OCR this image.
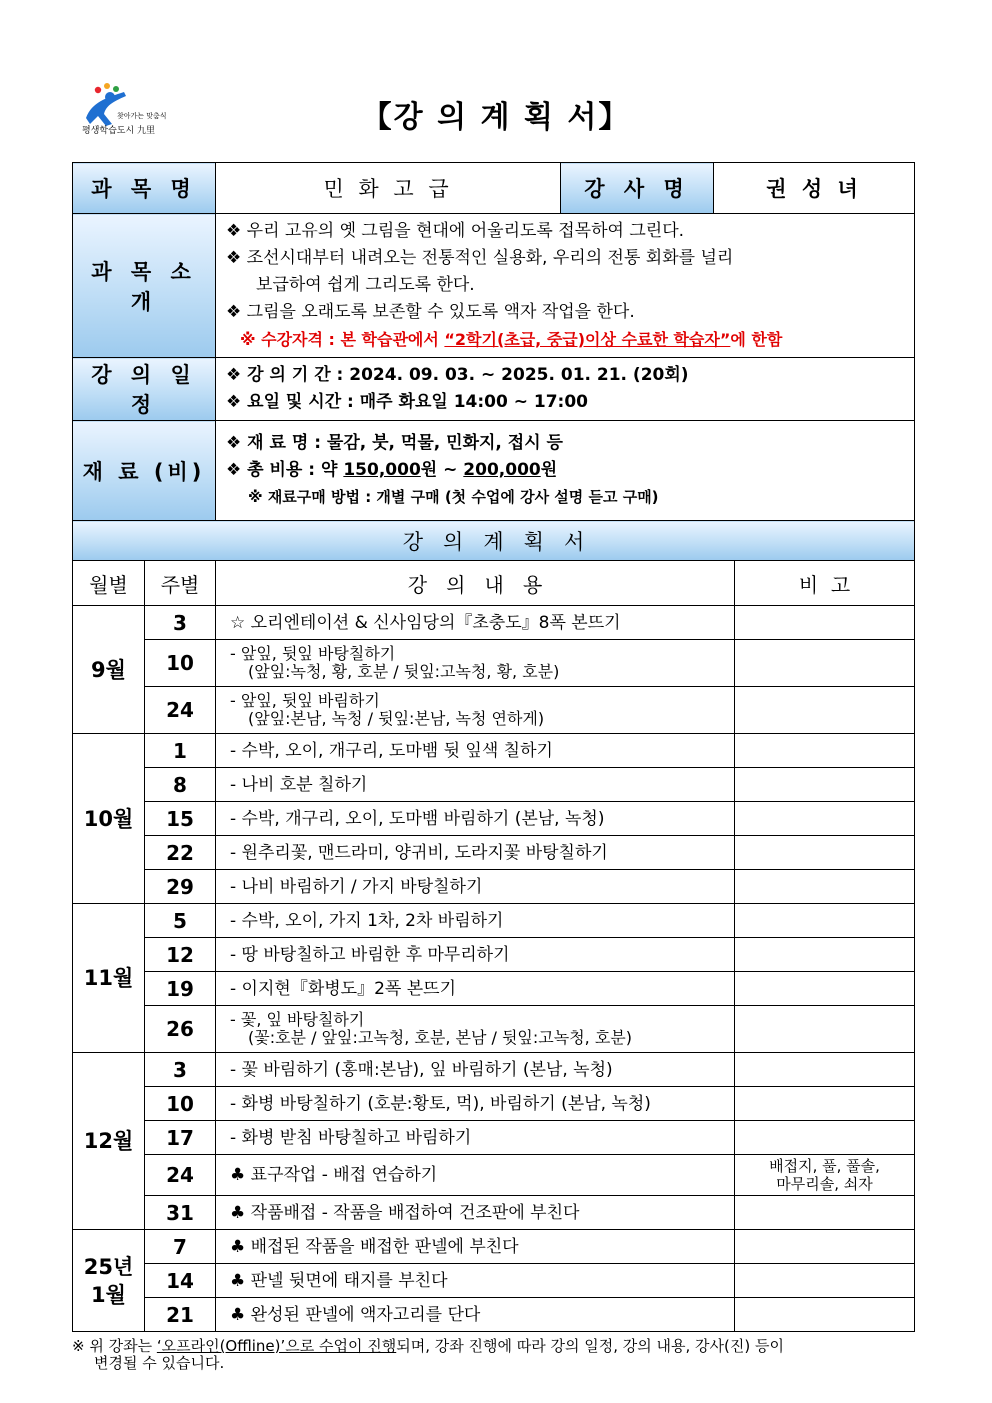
찾아가는 맞춤식
평생학습도시 九里	【강 의 계 획 서】
과 목 명		민 화 고 급	강 사 명	권 성 녀	
과 목 소 개		❖ 우리 고유의 옛 그림을 현대에 어울리도록 접목하여 그린다.
❖ 조선시대부터 내려오는 전통적인 실용화, 우리의 전통 회화를 널리
보급하여 쉽게 그리도록 한다.
❖ 그림을 오래도록 보존할 수 있도록 액자 작업을 한다.
※ 수강자격 : 본 학습관에서 “2학기(초급, 중급)이상 수료한 학습자”에 한함			

강 의 일 정		❖ 강 의 기 간 : 2024. 09. 03. ~ 2025. 01. 21. (20회)
❖ 요일 및 시간 : 매주 화요일 14:00 ~ 17:00			

재 료 (비)		❖ 재 료 명 : 물감, 붓, 먹물, 민화지, 접시 등
❖ 총 비용 : 약 150,000원 ~ 200,000원
※ 재료구매 방법 : 개별 구매 (첫 수업에 강사 설명 듣고 구매)			

강   의   계   획   서					
월별	주별	강   의   내   용			비  고
9월	3	☆ 오리엔테이션 & 신사임당의『초충도』8폭 본뜨기			
	10	- 앞잎, 뒷잎 바탕칠하기
(앞잎:녹청, 황, 호분 / 뒷잎:고녹청, 황, 호분)			

	24	- 앞잎, 뒷잎 바림하기
(앞잎:본남, 녹청 / 뒷잎:본남, 녹청 연하게)			

10월	1	- 수박, 오이, 개구리, 도마뱀 뒷 잎색 칠하기			
	8	- 나비 호분 칠하기			
	15	- 수박, 개구리, 오이, 도마뱀 바림하기 (본남, 녹청)			
	22	- 원추리꽃, 맨드라미, 양귀비, 도라지꽃 바탕칠하기			
	29	- 나비 바림하기 / 가지 바탕칠하기			
11월	5	- 수박, 오이, 가지 1차, 2차 바림하기			
	12	- 땅 바탕칠하고 바림한 후 마무리하기			
	19	- 이지현『화병도』2폭 본뜨기			
	26	- 꽃, 잎 바탕칠하기
(꽃:호분 / 앞잎:고녹청, 호분, 본남 / 뒷잎:고녹청, 호분)			

12월	3	- 꽃 바림하기 (홍매:본남), 잎 바림하기 (본남, 녹청)			
	10	- 화병 바탕칠하기 (호분:황토, 먹), 바림하기 (본남, 녹청)			
	17	- 화병 받침 바탕칠하고 바림하기			
	24	♣ 표구작업 - 배접 연습하기			배접지, 풀, 풀솔,
마무리솔, 쇠자

	31	♣ 작품배접 - 작품을 배접하여 건조판에 부친다			

25년
1월	7	♣ 배접된 작품을 배접한 판넬에 부친다			
	14	♣ 판넬 뒷면에 태지를 부친다			
	21	♣ 완성된 판넬에 액자고리를 단다			
※ 위 강좌는 ‘오프라인(Offline)’으로 수업이 진행되며, 강좌 진행에 따라 강의 일정, 강의 내용, 강사(진) 등이
변경될 수 있습니다.
